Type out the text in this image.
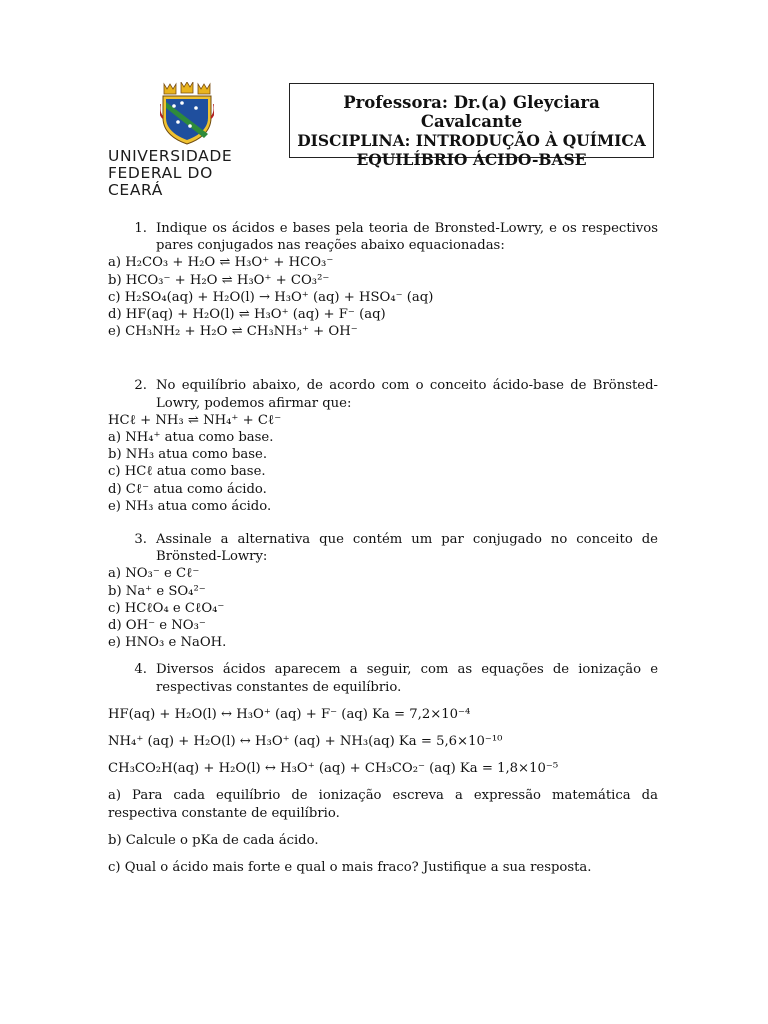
UNIVERSIDADE
FEDERAL DO CEARÁ
Professora: Dr.(a) Gleyciara Cavalcante
DISCIPLINA: INTRODUÇÃO À QUÍMICA
EQUILÍBRIO ÁCIDO-BASE
1. Indique os ácidos e bases pela teoria de Bronsted-Lowry, e os respectivos pares conjugados nas reações abaixo equacionadas:
a) H₂CO₃ + H₂O ⇌ H₃O⁺ + HCO₃⁻
b) HCO₃⁻ + H₂O ⇌ H₃O⁺ + CO₃²⁻
c) H₂SO₄(aq) + H₂O(l) → H₃O⁺ (aq) + HSO₄⁻ (aq)
d) HF(aq) + H₂O(l) ⇌ H₃O⁺ (aq) + F⁻ (aq)
e) CH₃NH₂ + H₂O ⇌ CH₃NH₃⁺ + OH⁻
2. No equilíbrio abaixo, de acordo com o conceito ácido-base de Brönsted-Lowry, podemos afirmar que:
HCℓ + NH₃ ⇌ NH₄⁺ + Cℓ⁻
a) NH₄⁺ atua como base.
b) NH₃ atua como base.
c) HCℓ atua como base.
d) Cℓ⁻ atua como ácido.
e) NH₃ atua como ácido.
3. Assinale a alternativa que contém um par conjugado no conceito de Brönsted-Lowry:
a) NO₃⁻ e Cℓ⁻
b) Na⁺ e SO₄²⁻
c) HCℓO₄ e CℓO₄⁻
d) OH⁻ e NO₃⁻
e) HNO₃ e NaOH.
4. Diversos ácidos aparecem a seguir, com as equações de ionização e respectivas constantes de equilíbrio.
HF(aq) + H₂O(l) ↔ H₃O⁺ (aq) + F⁻ (aq) Ka = 7,2×10⁻⁴
NH₄⁺ (aq) + H₂O(l) ↔ H₃O⁺ (aq) + NH₃(aq) Ka = 5,6×10⁻¹⁰
CH₃CO₂H(aq) + H₂O(l) ↔ H₃O⁺ (aq) + CH₃CO₂⁻ (aq) Ka = 1,8×10⁻⁵

a) Para cada equilíbrio de ionização escreva a expressão matemática da respectiva constante de equilíbrio.

b) Calcule o pKa de cada ácido.

c) Qual o ácido mais forte e qual o mais fraco? Justifique a sua resposta.
